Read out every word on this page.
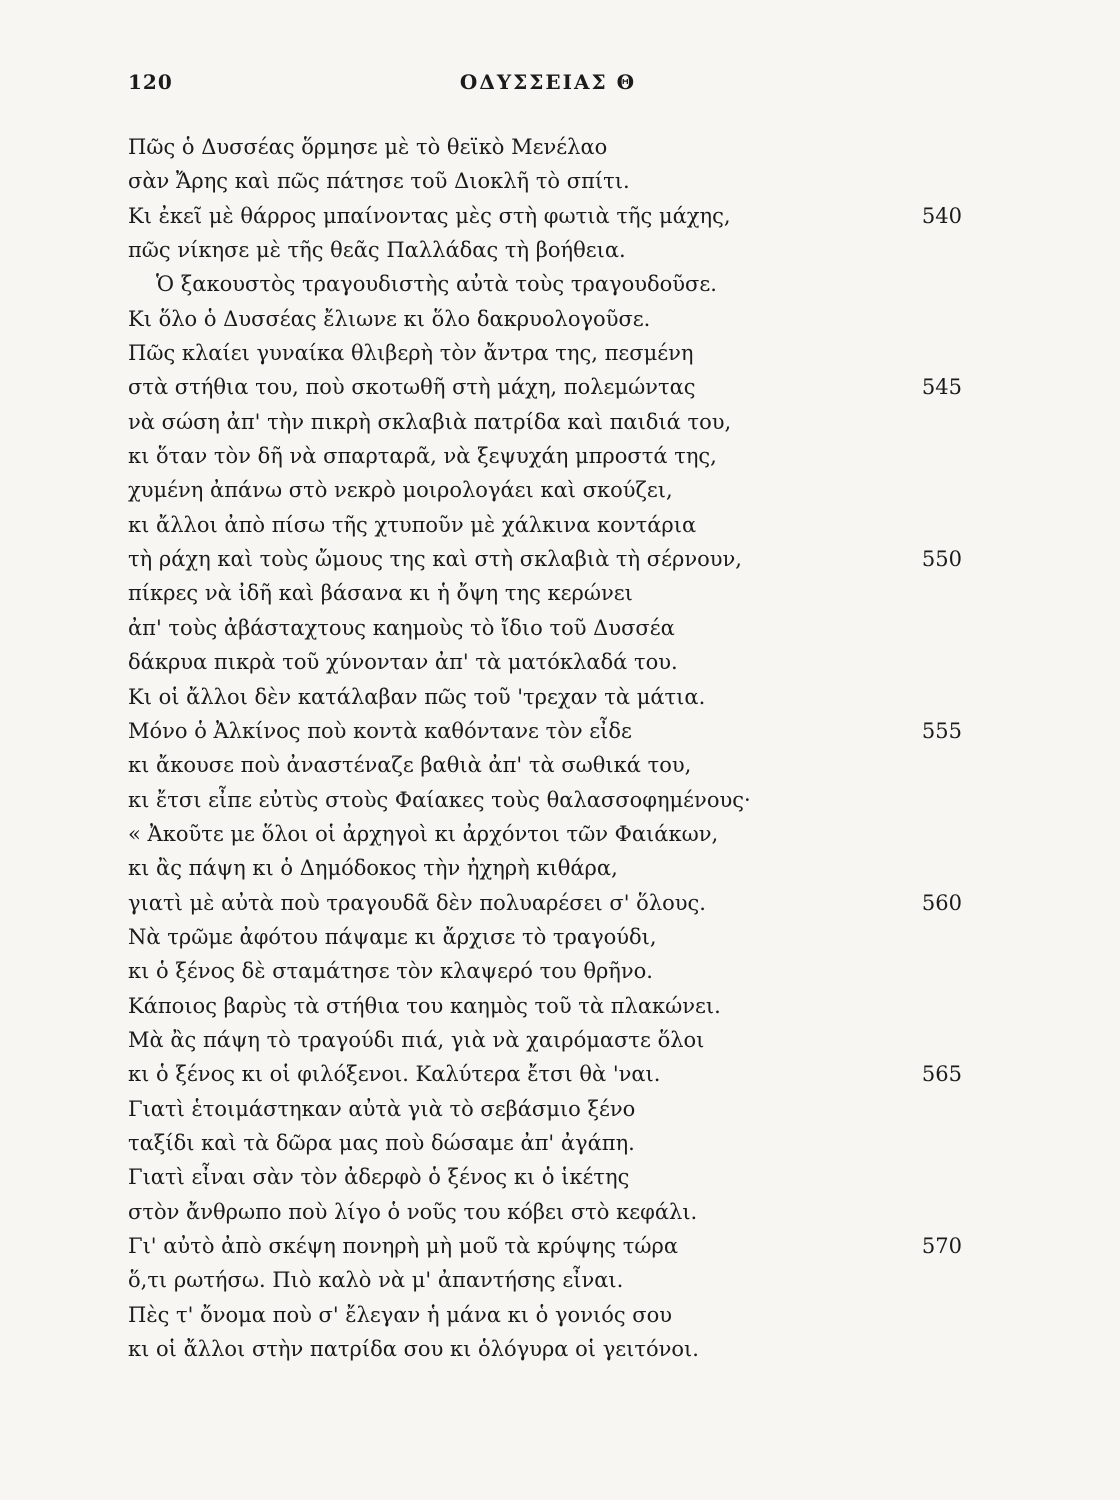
120	ΟΔΥΣΣΕΙΑΣ Θ
Πῶς ὁ Δυσσέας ὅρμησε μὲ τὸ θεϊκὸ Μενέλαο
σὰν Ἄρης καὶ πῶς πάτησε τοῦ Διοκλῆ τὸ σπίτι.
Κι ἐκεῖ μὲ θάρρος μπαίνοντας μὲς στὴ φωτιὰ τῆς μάχης,	540
πῶς νίκησε μὲ τῆς θεᾶς Παλλάδας τὴ βοήθεια.
Ὁ ξακουστὸς τραγουδιστὴς αὐτὰ τοὺς τραγουδοῦσε.
Κι ὅλο ὁ Δυσσέας ἔλιωνε κι ὅλο δακρυολογοῦσε.
Πῶς κλαίει γυναίκα θλιβερὴ τὸν ἄντρα της, πεσμένη
στὰ στήθια του, ποὺ σκοτωθῆ στὴ μάχη, πολεμώντας	545
νὰ σώση ἀπ' τὴν πικρὴ σκλαβιὰ πατρίδα καὶ παιδιά του,
κι ὅταν τὸν δῆ νὰ σπαρταρᾶ, νὰ ξεψυχάη μπροστά της,
χυμένη ἀπάνω στὸ νεκρὸ μοιρολογάει καὶ σκούζει,
κι ἄλλοι ἀπὸ πίσω τῆς χτυποῦν μὲ χάλκινα κοντάρια
τὴ ράχη καὶ τοὺς ὤμους της καὶ στὴ σκλαβιὰ τὴ σέρνουν,	550
πίκρες νὰ ἰδῆ καὶ βάσανα κι ἡ ὄψη της κερώνει
ἀπ' τοὺς ἀβάσταχτους καημοὺς τὸ ἴδιο τοῦ Δυσσέα
δάκρυα πικρὰ τοῦ χύνονταν ἀπ' τὰ ματόκλαδά του.
Κι οἱ ἄλλοι δὲν κατάλαβαν πῶς τοῦ 'τρεχαν τὰ μάτια.
Μόνο ὁ Ἀλκίνος ποὺ κοντὰ καθόντανε τὸν εἶδε	555
κι ἄκουσε ποὺ ἀναστέναζε βαθιὰ ἀπ' τὰ σωθικά του,
κι ἔτσι εἶπε εὐτὺς στοὺς Φαίακες τοὺς θαλασσοφημένους·
« Ἀκοῦτε με ὅλοι οἱ ἀρχηγοὶ κι ἀρχόντοι τῶν Φαιάκων,
κι ἂς πάψη κι ὁ Δημόδοκος τὴν ἠχηρὴ κιθάρα,
γιατὶ μὲ αὐτὰ ποὺ τραγουδᾶ δὲν πολυαρέσει σ' ὅλους.	560
Νὰ τρῶμε ἀφότου πάψαμε κι ἄρχισε τὸ τραγούδι,
κι ὁ ξένος δὲ σταμάτησε τὸν κλαψερό του θρῆνο.
Κάποιος βαρὺς τὰ στήθια του καημὸς τοῦ τὰ πλακώνει.
Μὰ ἂς πάψη τὸ τραγούδι πιά, γιὰ νὰ χαιρόμαστε ὅλοι
κι ὁ ξένος κι οἱ φιλόξενοι. Καλύτερα ἔτσι θὰ 'ναι.	565
Γιατὶ ἑτοιμάστηκαν αὐτὰ γιὰ τὸ σεβάσμιο ξένο
ταξίδι καὶ τὰ δῶρα μας ποὺ δώσαμε ἀπ' ἀγάπη.
Γιατὶ εἶναι σὰν τὸν ἀδερφὸ ὁ ξένος κι ὁ ἱκέτης
στὸν ἄνθρωπο ποὺ λίγο ὁ νοῦς του κόβει στὸ κεφάλι.
Γι' αὐτὸ ἀπὸ σκέψη πονηρὴ μὴ μοῦ τὰ κρύψης τώρα	570
ὅ,τι ρωτήσω. Πιὸ καλὸ νὰ μ' ἀπαντήσης εἶναι.
Πὲς τ' ὄνομα ποὺ σ' ἔλεγαν ἡ μάνα κι ὁ γονιός σου
κι οἱ ἄλλοι στὴν πατρίδα σου κι ὁλόγυρα οἱ γειτόνοι.
